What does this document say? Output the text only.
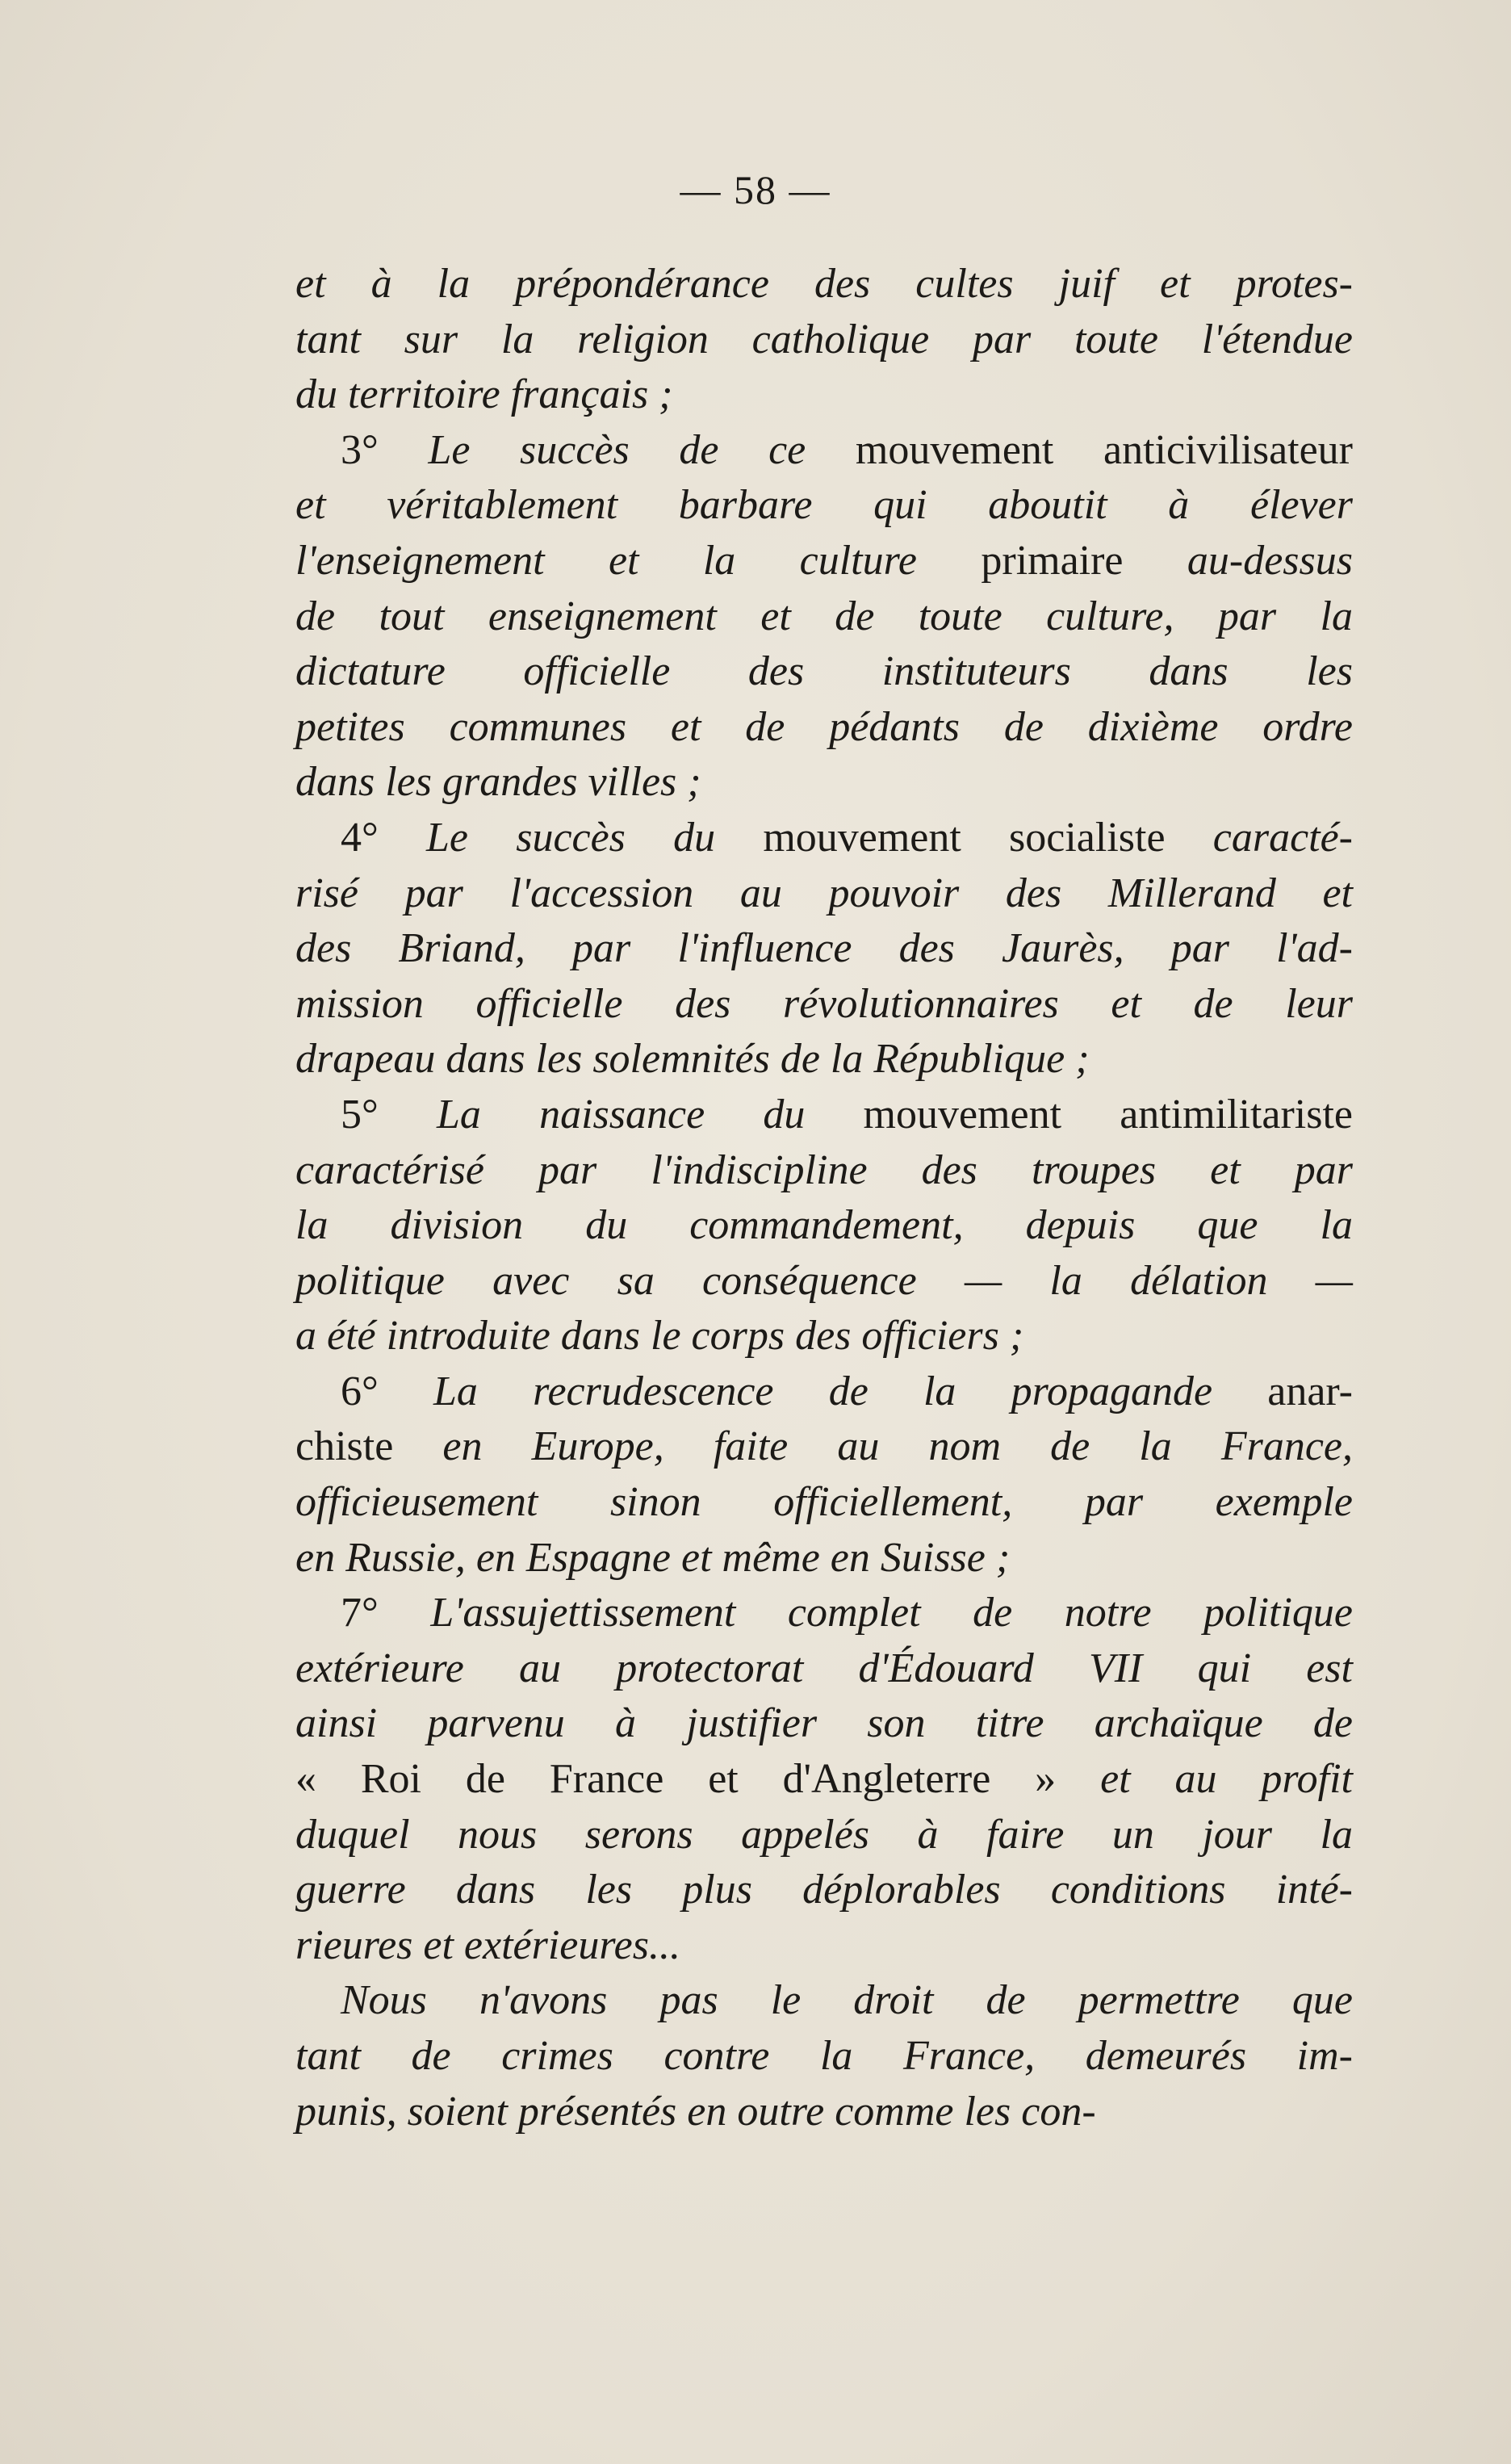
— 58 —
et à la prépondérance des cultes juif et protes-
tant sur la religion catholique par toute l'étendue
du territoire français ;
3° Le succès de ce mouvement anticivilisateur
et véritablement barbare qui aboutit à élever
l'enseignement et la culture primaire au-dessus
de tout enseignement et de toute culture, par la
dictature officielle des instituteurs dans les
petites communes et de pédants de dixième ordre
dans les grandes villes ;
4° Le succès du mouvement socialiste caracté-
risé par l'accession au pouvoir des Millerand et
des Briand, par l'influence des Jaurès, par l'ad-
mission officielle des révolutionnaires et de leur
drapeau dans les solemnités de la République ;
5° La naissance du mouvement antimilitariste
caractérisé par l'indiscipline des troupes et par
la division du commandement, depuis que la
politique avec sa conséquence — la délation —
a été introduite dans le corps des officiers ;
6° La recrudescence de la propagande anar-
chiste en Europe, faite au nom de la France,
officieusement sinon officiellement, par exemple
en Russie, en Espagne et même en Suisse ;
7° L'assujettissement complet de notre politique
extérieure au protectorat d'Édouard VII qui est
ainsi parvenu à justifier son titre archaïque de
« Roi de France et d'Angleterre » et au profit
duquel nous serons appelés à faire un jour la
guerre dans les plus déplorables conditions inté-
rieures et extérieures...
Nous n'avons pas le droit de permettre que
tant de crimes contre la France, demeurés im-
punis, soient présentés en outre comme les con-
